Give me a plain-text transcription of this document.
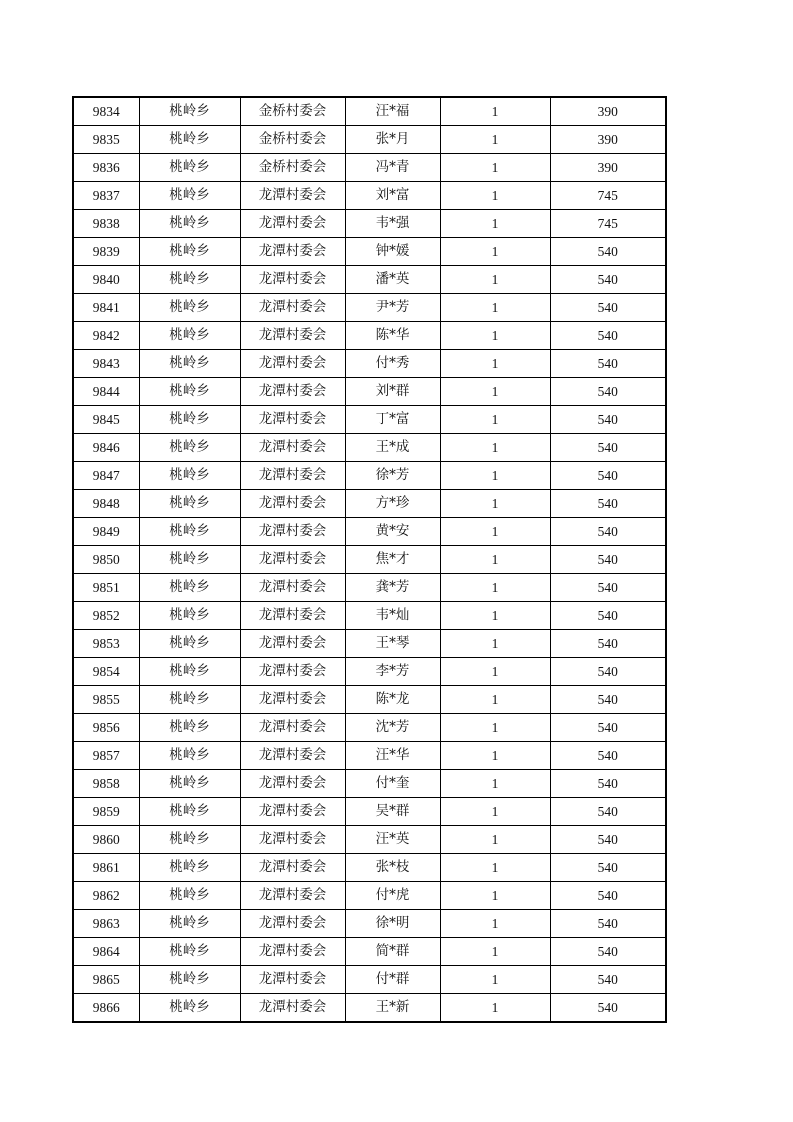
9834	桃岭乡	金桥村委会	汪*福	1	390
9835	桃岭乡	金桥村委会	张*月	1	390
9836	桃岭乡	金桥村委会	冯*青	1	390
9837	桃岭乡	龙潭村委会	刘*富	1	745
9838	桃岭乡	龙潭村委会	韦*强	1	745
9839	桃岭乡	龙潭村委会	钟*媛	1	540
9840	桃岭乡	龙潭村委会	潘*英	1	540
9841	桃岭乡	龙潭村委会	尹*芳	1	540
9842	桃岭乡	龙潭村委会	陈*华	1	540
9843	桃岭乡	龙潭村委会	付*秀	1	540
9844	桃岭乡	龙潭村委会	刘*群	1	540
9845	桃岭乡	龙潭村委会	丁*富	1	540
9846	桃岭乡	龙潭村委会	王*成	1	540
9847	桃岭乡	龙潭村委会	徐*芳	1	540
9848	桃岭乡	龙潭村委会	方*珍	1	540
9849	桃岭乡	龙潭村委会	黄*安	1	540
9850	桃岭乡	龙潭村委会	焦*才	1	540
9851	桃岭乡	龙潭村委会	龚*芳	1	540
9852	桃岭乡	龙潭村委会	韦*灿	1	540
9853	桃岭乡	龙潭村委会	王*琴	1	540
9854	桃岭乡	龙潭村委会	李*芳	1	540
9855	桃岭乡	龙潭村委会	陈*龙	1	540
9856	桃岭乡	龙潭村委会	沈*芳	1	540
9857	桃岭乡	龙潭村委会	汪*华	1	540
9858	桃岭乡	龙潭村委会	付*奎	1	540
9859	桃岭乡	龙潭村委会	吴*群	1	540
9860	桃岭乡	龙潭村委会	汪*英	1	540
9861	桃岭乡	龙潭村委会	张*枝	1	540
9862	桃岭乡	龙潭村委会	付*虎	1	540
9863	桃岭乡	龙潭村委会	徐*明	1	540
9864	桃岭乡	龙潭村委会	简*群	1	540
9865	桃岭乡	龙潭村委会	付*群	1	540
9866	桃岭乡	龙潭村委会	王*新	1	540
